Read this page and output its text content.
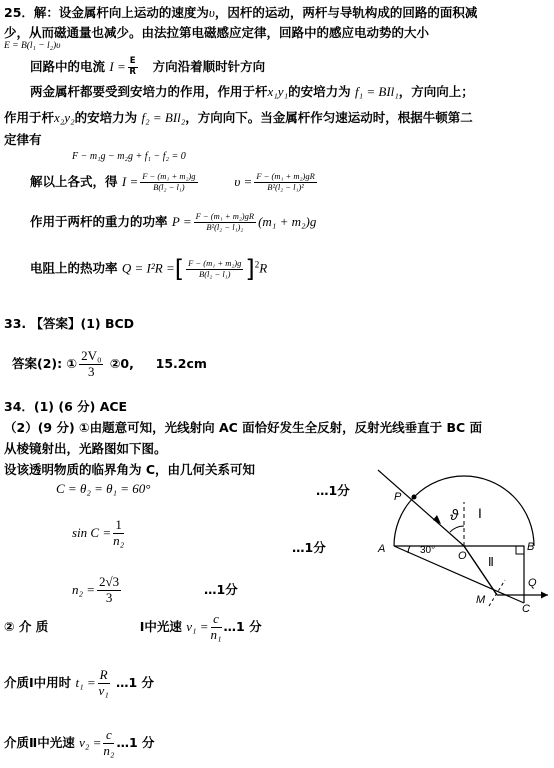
25．解：设金属杆向上运动的速度为υ，因杆的运动，两杆与导轨构成的回路的面积减
少，从而磁通量也减少。由法拉第电磁感应定律，回路中的感应电动势的大小
E = B(l₁ − l₂)υ
回路中的电流 $I = \frac{E}{R}$ 方向沿着顺时针方向
两金属杆都要受到安培力的作用，作用于杆x₁y₁的安培力为 f₁ = BIl₁，方向向上；
作用于杆x₂y₂的安培力为 f₂ = BIl₂，方向向下。当金属杆作匀速运动时，根据牛顿第二
定律有
F − m₁g − m₂g + f₁ − f₂ = 0
解以上各式，得 $I = \frac{\text{F − (m₁ + m₂)g}}{\text{B(l₂ − l₁)}}$	$\upsilon = \frac{\text{F − (m₁ + m₂)gR}}{\text{B²(l₂ − l₁)²}}$
作用于两杆的重力的功率 $P = \frac{\text{F − (m₁ + m₂)gR}}{\text{B²(l₂ − l₁)₂}} (m_1 + m_2)g$
电阻上的热功率 Q = I²R =[ $\frac{\text{F − (m₁ + m₂)g}}{\text{B(l₂ − l₁)}} ]^2R$
33. 【答案】(1) BCD
答案(2): ① $\frac{\text{2V₀}}{3}$ ②0, 15.2cm
34．(1) (6 分) ACE
（2）(9 分) ①由题意可知，光线射向 AC 面恰好发生全反射，反射光线垂直于 BC 面
从棱镜射出，光路图如下图。
设该透明物质的临界角为 C，由几何关系可知
C = θ₂ = θ₁ = 60°	…1分
$\sin C = \frac{1}{\text{n₂}}$	…1分
$n_2 = \frac{2√3}{3}$	…1分
② 介 质	Ⅰ中光速 $v_1 = \frac{c}{\text{n₁}}$ …1 分
介质Ⅰ中用时 $t_1 = \frac{R}{\text{v₁}}$ …1 分
介质Ⅱ中光速 $v_2 = \frac{c}{\text{n₂}}$ …1 分
P
ϑ Ⅰ
Ⅱ
A	30° O
B
Q
M
C
